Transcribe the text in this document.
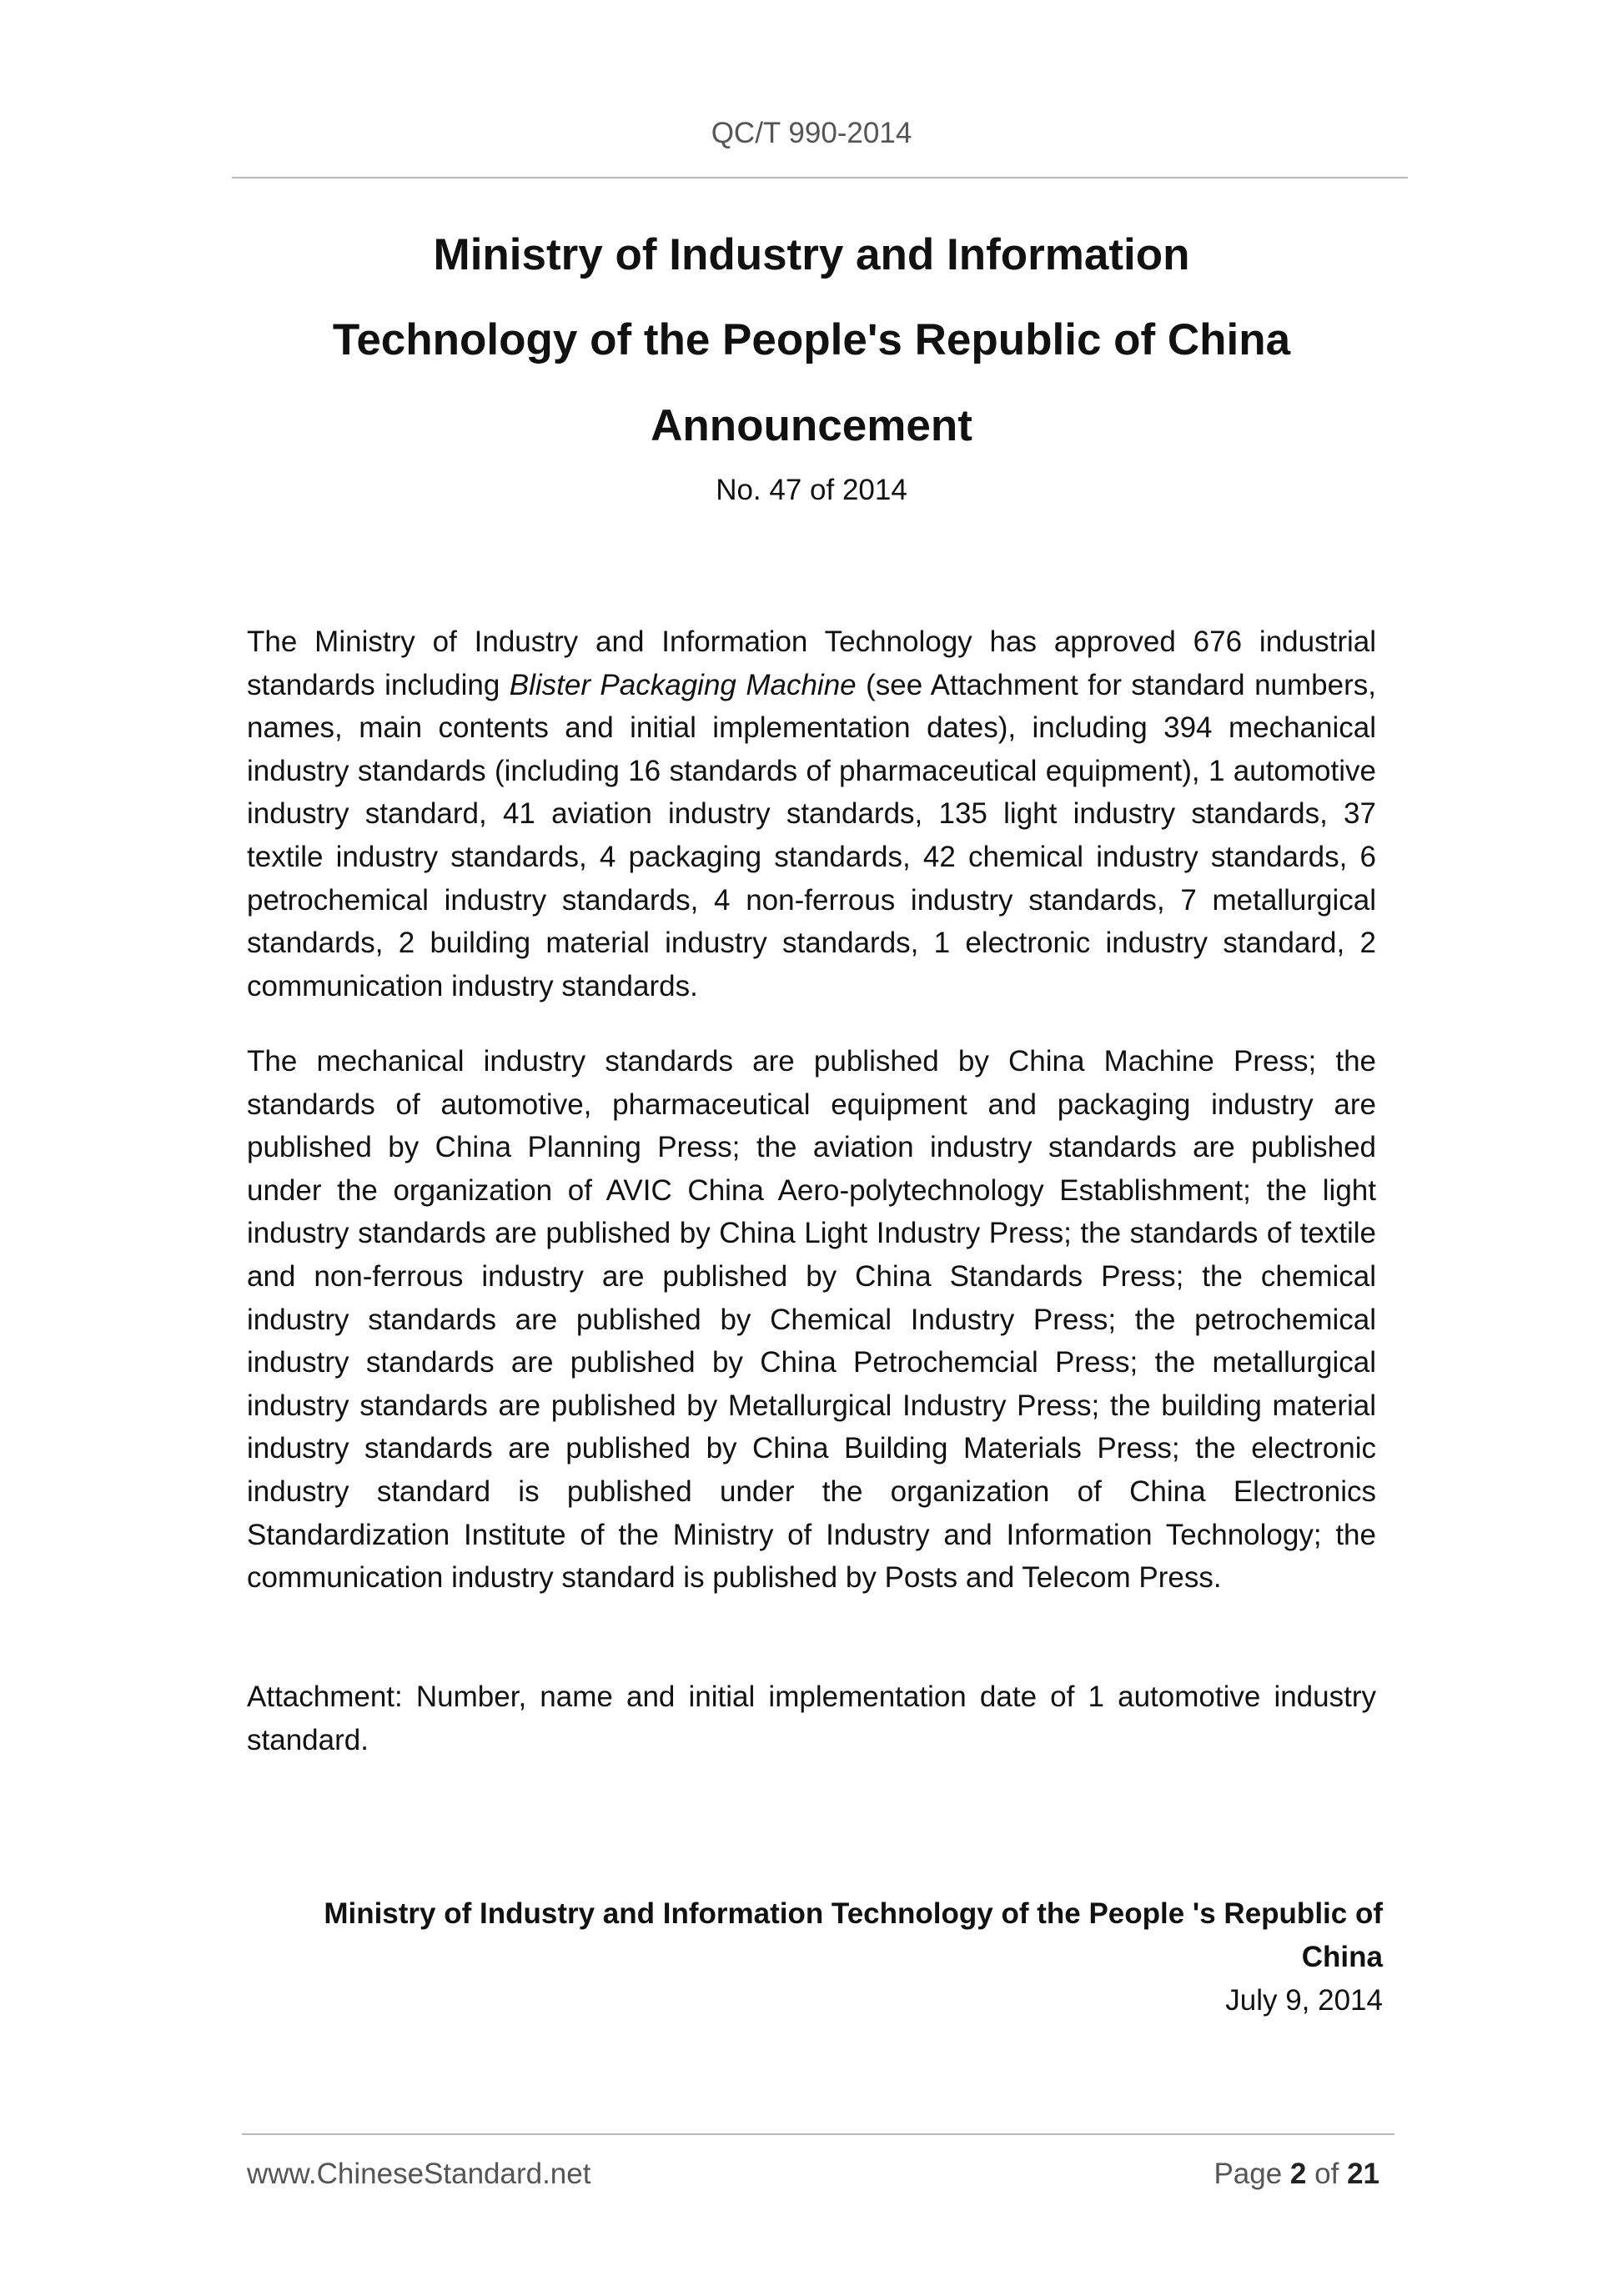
QC/T 990-2014
Ministry of Industry and Information
Technology of the People's Republic of China
Announcement
No. 47 of 2014
The Ministry of Industry and Information Technology has approved 676 industrial standards including Blister Packaging Machine (see Attachment for standard numbers, names, main contents and initial implementation dates), including 394 mechanical industry standards (including 16 standards of pharmaceutical equipment), 1 automotive industry standard, 41 aviation industry standards, 135 light industry standards, 37 textile industry standards, 4 packaging standards, 42 chemical industry standards, 6 petrochemical industry standards, 4 non-ferrous industry standards, 7 metallurgical standards, 2 building material industry standards, 1 electronic industry standard, 2 communication industry standards.
The mechanical industry standards are published by China Machine Press; the standards of automotive, pharmaceutical equipment and packaging industry are published by China Planning Press; the aviation industry standards are published under the organization of AVIC China Aero-polytechnology Establishment; the light industry standards are published by China Light Industry Press; the standards of textile and non-ferrous industry are published by China Standards Press; the chemical industry standards are published by Chemical Industry Press; the petrochemical industry standards are published by China Petrochemcial Press; the metallurgical industry standards are published by Metallurgical Industry Press; the building material industry standards are published by China Building Materials Press; the electronic industry standard is published under the organization of China Electronics Standardization Institute of the Ministry of Industry and Information Technology; the communication industry standard is published by Posts and Telecom Press.
Attachment: Number, name and initial implementation date of 1 automotive industry standard.
Ministry of Industry and Information Technology of the People 's Republic of
China
July 9, 2014
www.ChineseStandard.net	Page 2 of 21
